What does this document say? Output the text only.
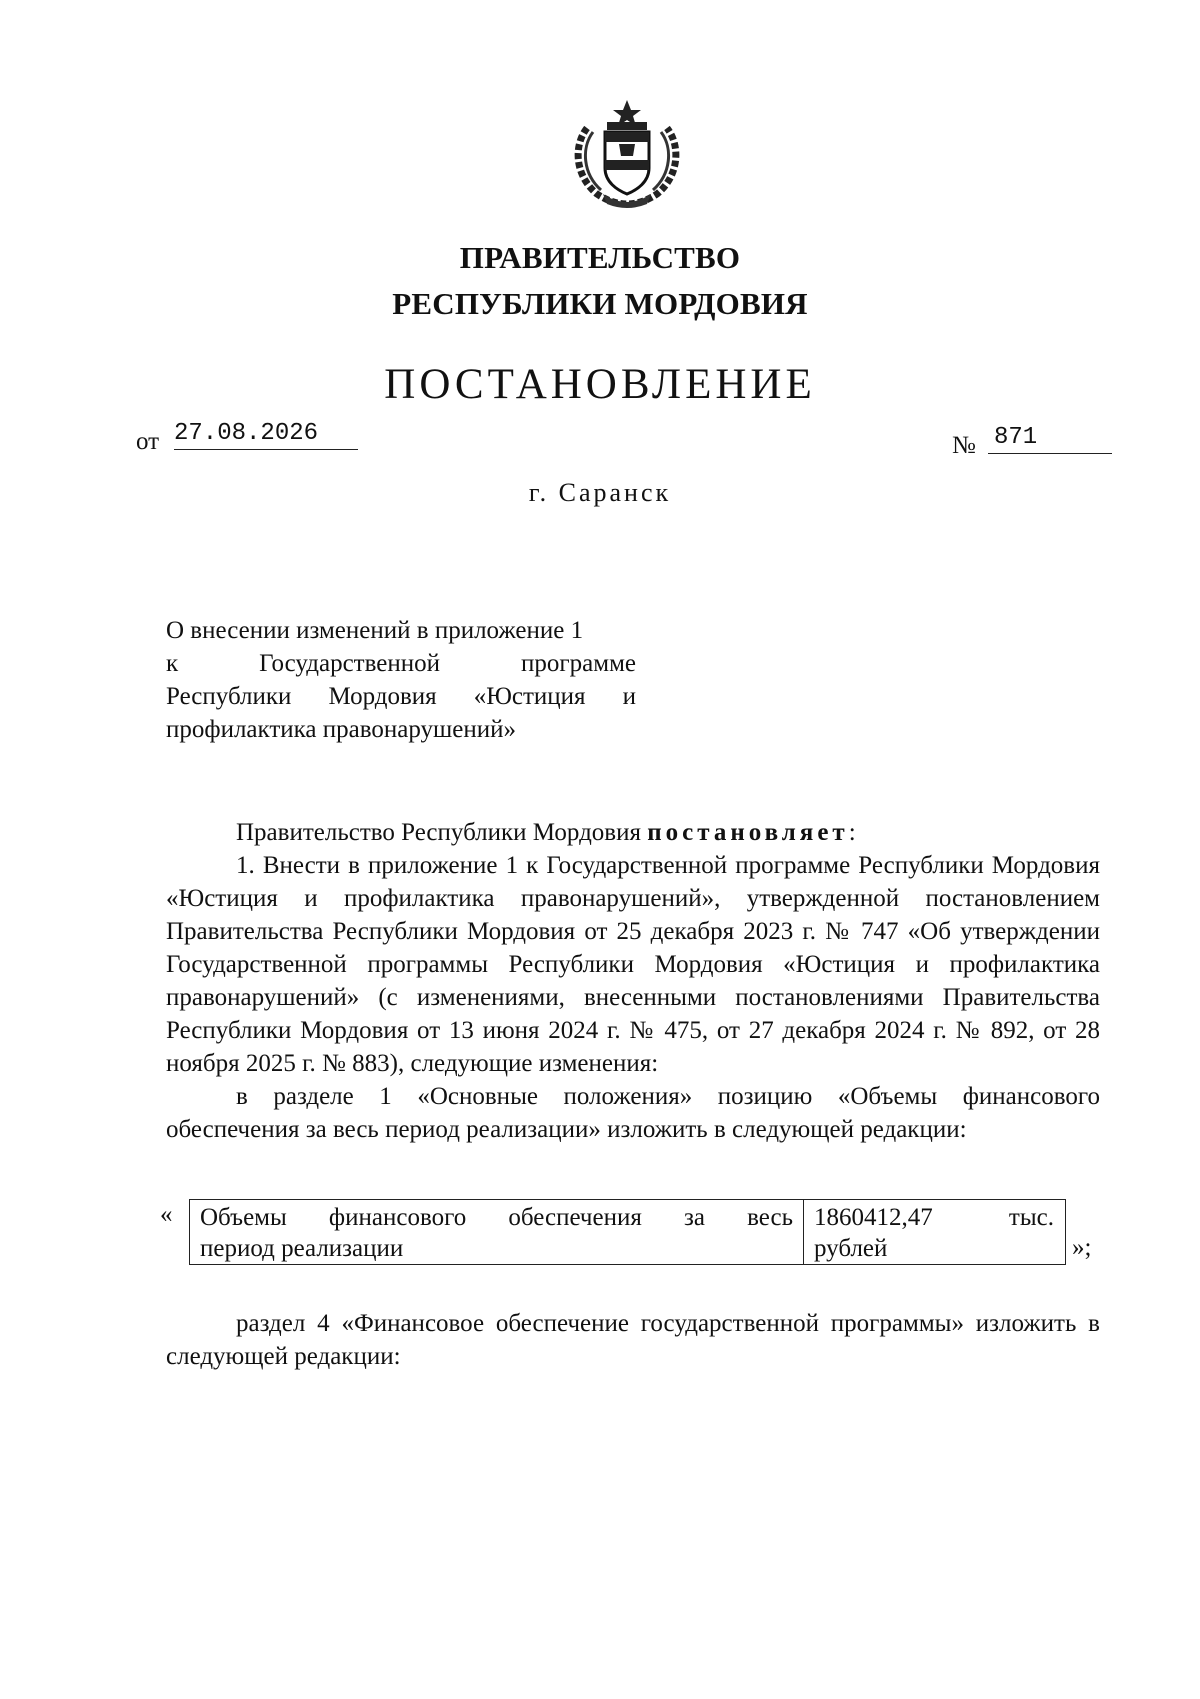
ПРАВИТЕЛЬСТВО
РЕСПУБЛИКИ МОРДОВИЯ
ПОСТАНОВЛЕНИЕ
от 27.08.2026	№ 871
г. Саранск
О внесении изменений в приложение 1
к Государственной программе
Республики Мордовия «Юстиция и
профилактика правонарушений»
Правительство Республики Мордовия постановляет:
1. Внести в приложение 1 к Государственной программе Республики Мордовия «Юстиция и профилактика правонарушений», утвержденной постановлением Правительства Республики Мордовия от 25 декабря 2023 г. № 747 «Об утверждении Государственной программы Республики Мордовия «Юстиция и профилактика правонарушений» (с изменениями, внесенными постановлениями Правительства Республики Мордовия от 13 июня 2024 г. № 475, от 27 декабря 2024 г. № 892, от 28 ноября 2025 г. № 883), следующие изменения:
в разделе 1 «Основные положения» позицию «Объемы финансового обеспечения за весь период реализации» изложить в следующей редакции:
« Объемы финансового обеспечения за весь
период реализации
1860412,47 тыс.
рублей	»;
раздел 4 «Финансовое обеспечение государственной программы» изложить в следующей редакции:
